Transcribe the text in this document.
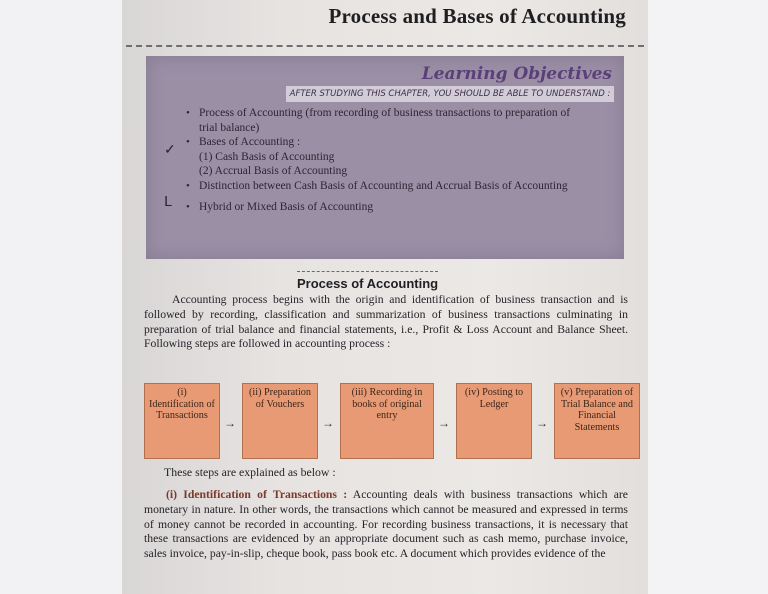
Process and Bases of Accounting
Learning Objectives
AFTER STUDYING THIS CHAPTER, YOU SHOULD BE ABLE TO UNDERSTAND :
✓
ᒪ
• Process of Accounting (from recording of business transactions to preparation of trial balance)
• Bases of Accounting :
(1) Cash Basis of Accounting
(2) Accrual Basis of Accounting
• Distinction between Cash Basis of Accounting and Accrual Basis of Accounting
• Hybrid or Mixed Basis of Accounting
Process of Accounting
Accounting process begins with the origin and identification of business transaction and is followed by recording, classification and summarization of business transactions culminating in preparation of trial balance and financial statements, i.e., Profit & Loss Account and Balance Sheet. Following steps are followed in accounting process :
(i) Identification of Transactions
→
(ii) Preparation of Vouchers
→
(iii) Recording in books of original entry
→
(iv) Posting to Ledger
→
(v) Preparation of Trial Balance and Financial Statements
These steps are explained as below :
(i) Identification of Transactions : Accounting deals with business transactions which are monetary in nature. In other words, the transactions which cannot be measured and expressed in terms of money cannot be recorded in accounting. For recording business transactions, it is necessary that these transactions are evidenced by an appropriate document such as cash memo, purchase invoice, sales invoice, pay-in-slip, cheque book, pass book etc. A document which provides evidence of the
